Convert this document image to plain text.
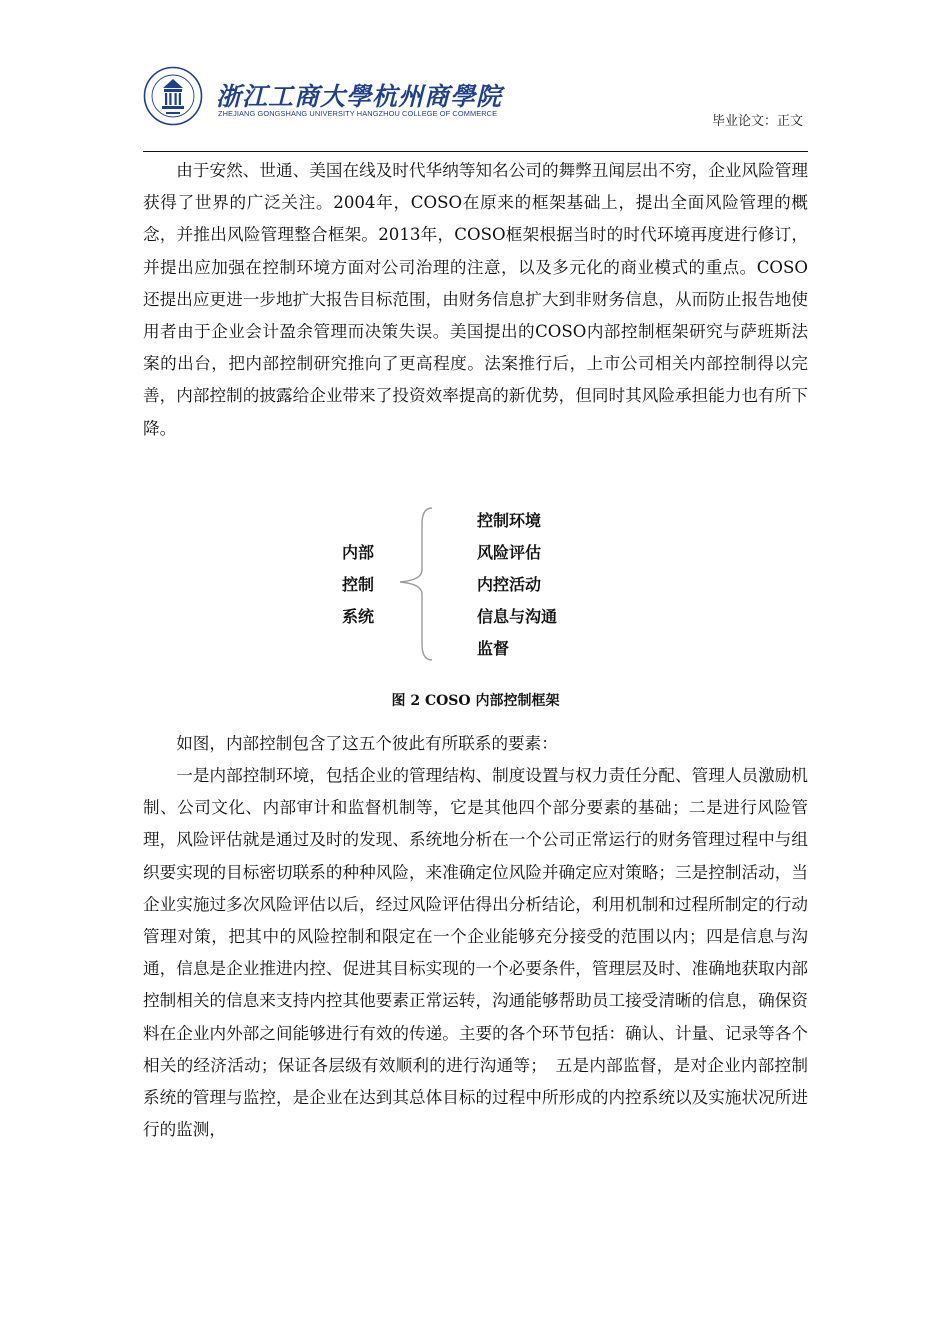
浙江工商大學杭州商學院
ZHEJIANG GONGSHANG UNIVERSITY HANGZHOU COLLEGE OF COMMERCE
毕业论文：正文

由于安然、世通、美国在线及时代华纳等知名公司的舞弊丑闻层出不穷，企业风险管理获得了世界的广泛关注。2004年，COSO在原来的框架基础上，提出全面风险管理的概念，并推出风险管理整合框架。2013年，COSO框架根据当时的时代环境再度进行修订，并提出应加强在控制环境方面对公司治理的注意，以及多元化的商业模式的重点。COSO 还提出应更进一步地扩大报告目标范围，由财务信息扩大到非财务信息，从而防止报告地使用者由于企业会计盈余管理而决策失误。美国提出的COSO内部控制框架研究与萨班斯法案的出台，把内部控制研究推向了更高程度。法案推行后，上市公司相关内部控制得以完善，内部控制的披露给企业带来了投资效率提高的新优势，但同时其风险承担能力也有所下降。

内部
控制
系统
控制环境
风险评估
内控活动
信息与沟通
监督
图 2 COSO 内部控制框架

如图，内部控制包含了这五个彼此有所联系的要素：

一是内部控制环境，包括企业的管理结构、制度设置与权力责任分配、管理人员激励机制、公司文化、内部审计和监督机制等，它是其他四个部分要素的基础；二是进行风险管理，风险评估就是通过及时的发现、系统地分析在一个公司正常运行的财务管理过程中与组织要实现的目标密切联系的种种风险，来准确定位风险并确定应对策略；三是控制活动，当企业实施过多次风险评估以后，经过风险评估得出分析结论，利用机制和过程所制定的行动管理对策，把其中的风险控制和限定在一个企业能够充分接受的范围以内；四是信息与沟通，信息是企业推进内控、促进其目标实现的一个必要条件，管理层及时、准确地获取内部控制相关的信息来支持内控其他要素正常运转，沟通能够帮助员工接受清晰的信息，确保资料在企业内外部之间能够进行有效的传递。主要的各个环节包括：确认、计量、记录等各个相关的经济活动；保证各层级有效顺利的进行沟通等；　五是内部监督，是对企业内部控制系统的管理与监控，是企业在达到其总体目标的过程中所形成的内控系统以及实施状况所进行的监测，
